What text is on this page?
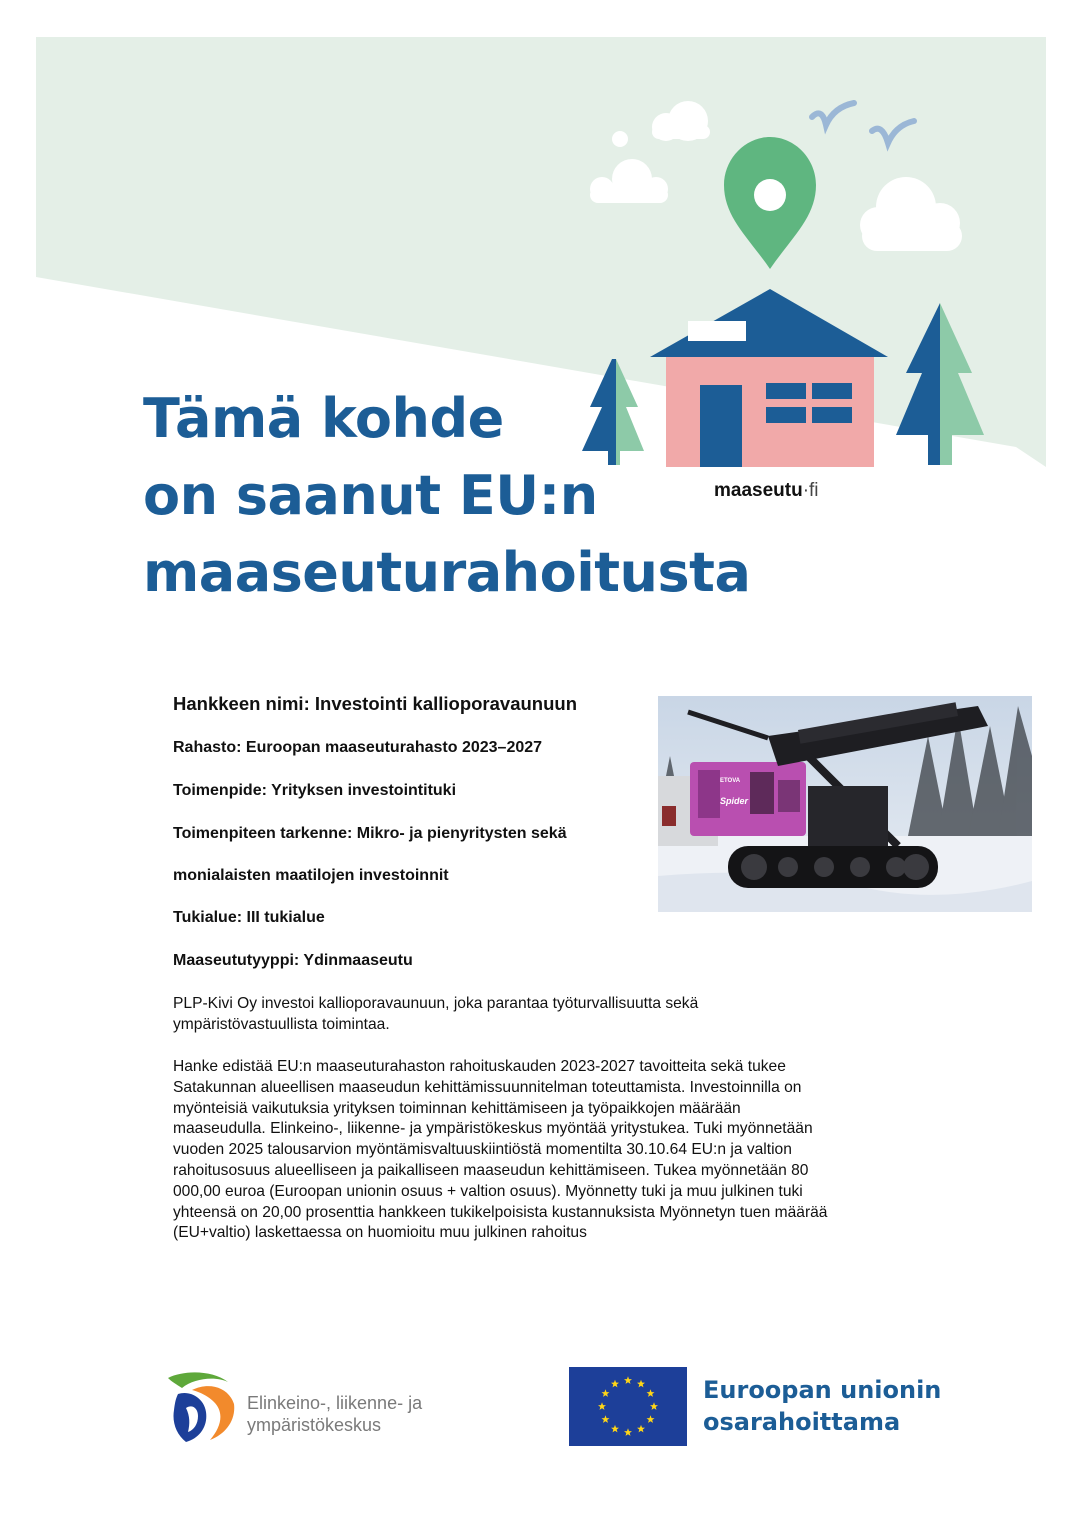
Tämä kohde
on saanut EU:n
maaseuturahoitusta
maaseutu·fi
Hankkeen nimi: Investointi kallioporavaunuun
Rahasto: Euroopan maaseuturahasto 2023–2027
Toimenpide: Yrityksen investointituki
Toimenpiteen tarkenne: Mikro- ja pienyritysten sekä
monialaisten maatilojen investoinnit
Tukialue: III tukialue
Maaseututyyppi: Ydinmaaseutu
Spider
ETOVA

PLP-Kivi Oy investoi kallioporavaunuun, joka parantaa työturvallisuutta sekä
ympäristövastuullista toimintaa.

Hanke edistää EU:n maaseuturahaston rahoituskauden 2023-2027 tavoitteita sekä tukee
Satakunnan alueellisen maaseudun kehittämissuunnitelman toteuttamista. Investoinnilla on
myönteisiä vaikutuksia yrityksen toiminnan kehittämiseen ja työpaikkojen määrään
maaseudulla. Elinkeino-, liikenne- ja ympäristökeskus myöntää yritystukea. Tuki myönnetään
vuoden 2025 talousarvion myöntämisvaltuuskiintiöstä momentilta 30.10.64 EU:n ja valtion
rahoitusosuus alueelliseen ja paikalliseen maaseudun kehittämiseen. Tukea myönnetään 80
000,00 euroa (Euroopan unionin osuus + valtion osuus). Myönnetty tuki ja muu julkinen tuki
yhteensä on 20,00 prosenttia hankkeen tukikelpoisista kustannuksista Myönnetyn tuen määrää
(EU+valtio) laskettaessa on huomioitu muu julkinen rahoitus

Elinkeino-, liikenne- ja
ympäristökeskus
Euroopan unionin
osarahoittama
